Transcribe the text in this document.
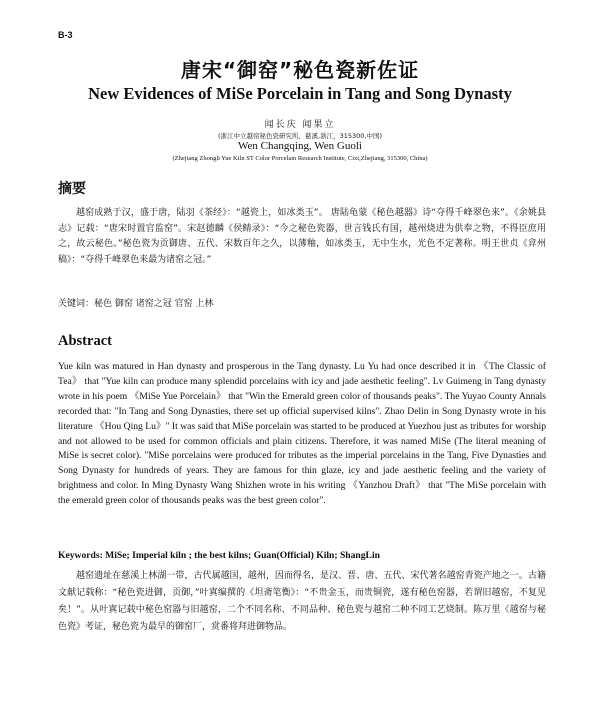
B-3
唐宋“御窑”秘色瓷新佐证
New Evidences of MiSe Porcelain in Tang and Song Dynasty
闻长庆 闻果立
(浙江中立越窑秘色瓷研究所，慈溪,浙江，315300,中国)
Wen Changqing, Wen Guoli
(Zhejiang Zhongli Yue Kiln ST Color Porcelain Research Institute, Cixi,Zhejiang, 315300, China)
摘要

越窑成熟于汉，盛于唐，陆羽《茶经》：“越瓷上，如冰类玉”。 唐陆龟蒙《秘色越器》诗“夺得千峰翠色来”。《余姚县志》记载：“唐宋时置官监窑”。宋赵德麟《侯鲭录》：“今之秘色瓷器，世言钱氏有国，越州烧进为供奉之物，不得臣庶用之，故云秘色。”秘色瓷为贡御唐、五代、宋数百年之久，以薄釉，如冰类玉，无中生水，光色不定著称。明王世贞《弇州稿》：“夺得千峰翠色来最为诸窑之冠。”

关键词：秘色 御窑 诸窑之冠 官窑 上林
Abstract

Yue kiln was matured in Han dynasty and prosperous in the Tang dynasty. Lu Yu had once described it in 《The Classic of Tea》 that "Yue kiln can produce many splendid porcelains with icy and jade aesthetic feeling". Lv Guimeng in Tang dynasty wrote in his poem 《MiSe Yue Porcelain》 that "Win the Emerald green color of thousands peaks". The Yuyao County Annals recorded that: "In Tang and Song Dynasties, there set up official supervised kilns". Zhao Delin in Song Dynasty wrote in his literature 《Hou Qing Lu》" It was said that MiSe porcelain was started to be produced at Yuezhou just as tributes for worship and not allowed to be used for common officials and plain citizens. Therefore, it was named MiSe (The literal meaning of MiSe is secret color). "MiSe porcelains were produced for tributes as the imperial porcelains in the Tang, Five Dynasties and Song Dynasty for hundreds of years. They are famous for thin glaze, icy and jade aesthetic feeling and the variety of brightness and color. In Ming Dynasty Wang Shizhen wrote in his writing 《Yanzhou Draft》 that "The MiSe porcelain with the emerald green color of thousands peaks was the best green color".

Keywords: MiSe; Imperial kiln ; the best kilns; Guan(Official) Kiln; ShangLin

越窑遗址在慈溪上林湖一带，古代属越国，越州，因而得名，是汉、晋、唐、五代、宋代著名越窑青瓷产地之一。古籍文献记载称：“秘色瓷进御，贡御，”叶寘编撰的《坦斋笔衡》：“不贵金玉，而贵铜瓷，遂有秘色窑器，若谓旧越窑，不复见矣！”。从叶寘记载中秘色窑器与旧越窑，二个不同名称、不同品种、秘色瓷与越窑二种不同工艺烧制。陈万里《越窑与秘色瓷》考证，秘色瓷为最早的御窑厂，赏番将拜进御物品。
